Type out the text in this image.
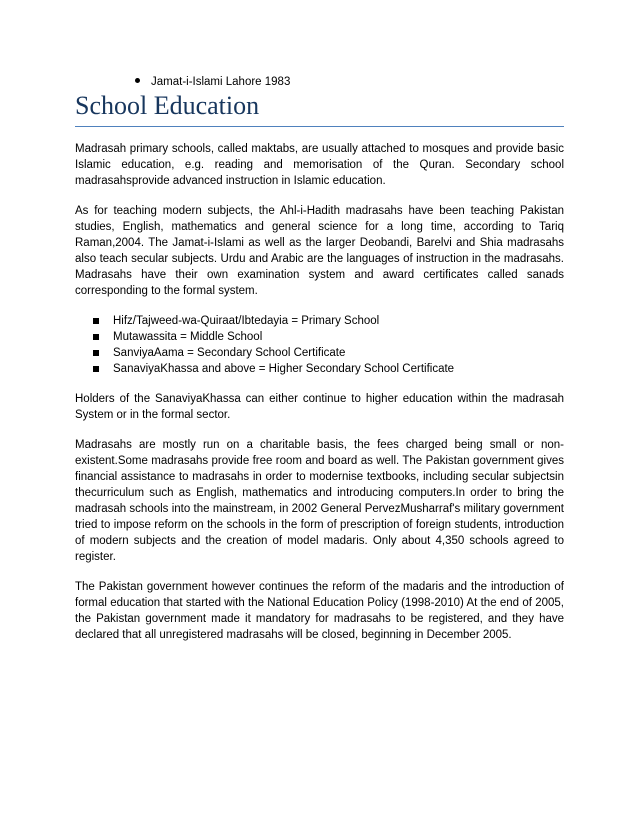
Jamat-i-Islami Lahore 1983
School Education

Madrasah primary schools, called maktabs, are usually attached to mosques and provide basic Islamic education, e.g. reading and memorisation of the Quran. Secondary school madrasahsprovide advanced instruction in Islamic education.

As for teaching modern subjects, the Ahl-i-Hadith madrasahs have been teaching Pakistan studies, English, mathematics and general science for a long time, according to Tariq Raman,2004. The Jamat-i-Islami as well as the larger Deobandi, Barelvi and Shia madrasahs also teach secular subjects. Urdu and Arabic are the languages of instruction in the madrasahs. Madrasahs have their own examination system and award certificates called sanads corresponding to the formal system.

Hifz/Tajweed-wa-Quiraat/Ibtedayia = Primary School
Mutawassita = Middle School
SanviyaAama = Secondary School Certificate
SanaviyaKhassa and above = Higher Secondary School Certificate

Holders of the SanaviyaKhassa can either continue to higher education within the madrasah System or in the formal sector.

Madrasahs are mostly run on a charitable basis, the fees charged being small or non-existent.Some madrasahs provide free room and board as well. The Pakistan government gives financial assistance to madrasahs in order to modernise textbooks, including secular subjectsin thecurriculum such as English, mathematics and introducing computers.In order to bring the madrasah schools into the mainstream, in 2002 General PervezMusharraf's military government tried to impose reform on the schools in the form of prescription of foreign students, introduction of modern subjects and the creation of model madaris. Only about 4,350 schools agreed to register.

The Pakistan government however continues the reform of the madaris and the introduction of formal education that started with the National Education Policy (1998-2010) At the end of 2005, the Pakistan government made it mandatory for madrasahs to be registered, and they have declared that all unregistered madrasahs will be closed, beginning in December 2005.
